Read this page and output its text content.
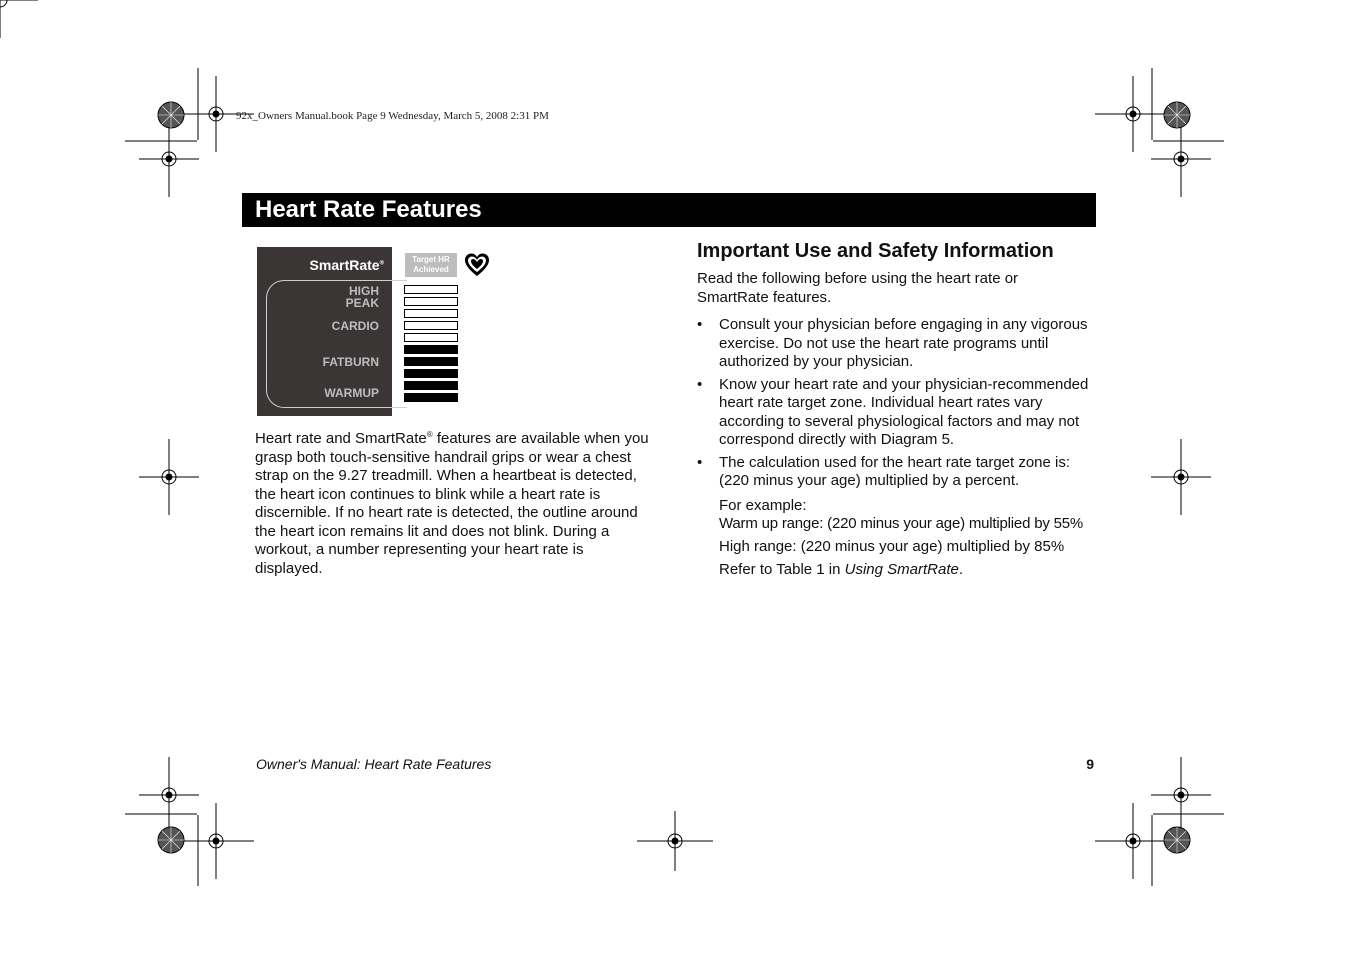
92x_Owners Manual.book Page 9 Wednesday, March 5, 2008 2:31 PM
Heart Rate Features
SmartRate®
HIGH
PEAK
CARDIO
FATBURN
WARMUP
Target HR
Achieved
Heart rate and SmartRate® features are available when you grasp both touch-sensitive handrail grips or wear a chest strap on the 9.27 treadmill. When a heartbeat is detected, the heart icon continues to blink while a heart rate is discernible. If no heart rate is detected, the outline around the heart icon remains lit and does not blink. During a workout, a number representing your heart rate is displayed.
Important Use and Safety Information
Read the following before using the heart rate or SmartRate features.
• Consult your physician before engaging in any vigorous exercise. Do not use the heart rate programs until authorized by your physician.
• Know your heart rate and your physician-recommended heart rate target zone. Individual heart rates vary according to several physiological factors and may not correspond directly with Diagram 5.
• The calculation used for the heart rate target zone is: (220 minus your age) multiplied by a percent.
For example:
Warm up range: (220 minus your age) multiplied by 55%
High range: (220 minus your age) multiplied by 85%
Refer to Table 1 in Using SmartRate.
Owner's Manual: Heart Rate Features	9
